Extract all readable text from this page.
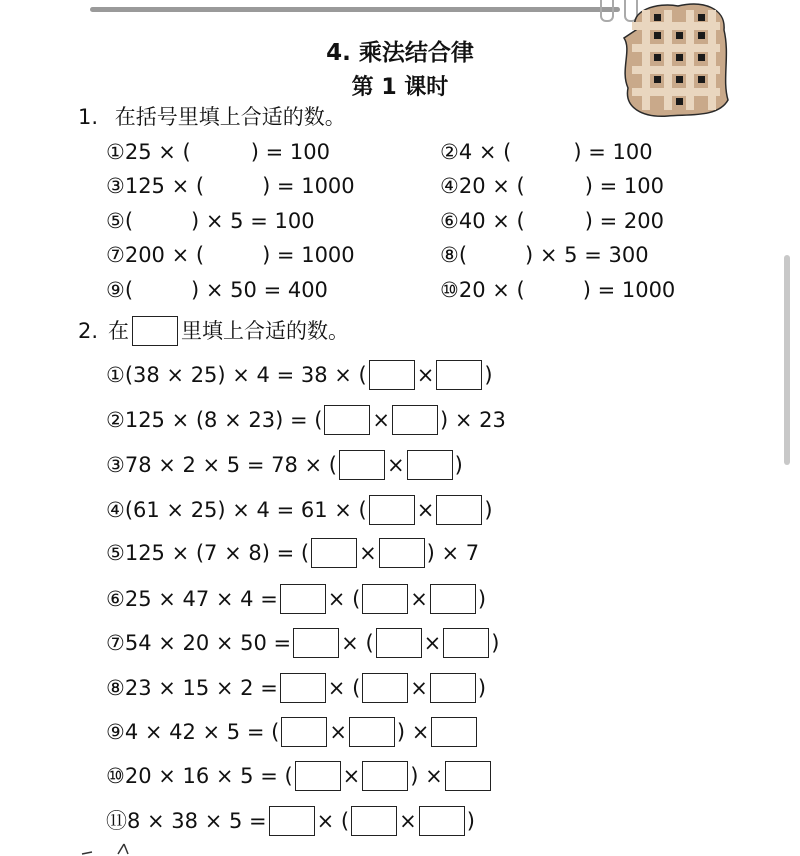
4. 乘法结合律
第 1 课时
1. 在括号里填上合适的数。
① 25 × (	) = 100	② 4 × (	) = 100
③ 125 × (	) = 1000	④ 20 × (	) = 100
⑤ (	) × 5 = 100	⑥ 40 × (	) = 200
⑦ 200 × (	) = 1000	⑧ (	) × 5 = 300
⑨ (	) × 50 = 400	⑩ 20 × (	) = 1000
2. 在 里填上合适的数。
① (38 × 25) × 4 = 38 × ( × )
② 125 × (8 × 23) = ( × ) × 23
③ 78 × 2 × 5 = 78 × ( × )
④ (61 × 25) × 4 = 61 × ( × )
⑤ 125 × (7 × 8) = ( × ) × 7
⑥ 25 × 47 × 4 = × ( × )
⑦ 54 × 20 × 50 = × ( × )
⑧ 23 × 15 × 2 = × ( × )
⑨ 4 × 42 × 5 = ( × ) ×
⑩ 20 × 16 × 5 = ( × ) ×
⑪ 8 × 38 × 5 = × ( × )
